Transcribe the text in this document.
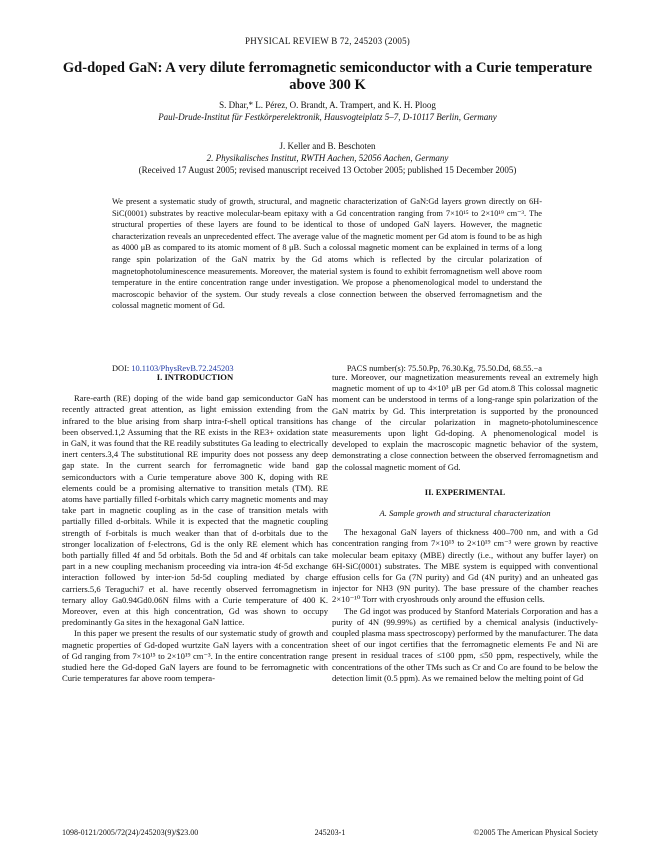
PHYSICAL REVIEW B 72, 245203 (2005)
Gd-doped GaN: A very dilute ferromagnetic semiconductor with a Curie temperature above 300 K
S. Dhar,* L. Pérez, O. Brandt, A. Trampert, and K. H. Ploog
Paul-Drude-Institut für Festkörperelektronik, Hausvogteiplatz 5–7, D-10117 Berlin, Germany
J. Keller and B. Beschoten
2. Physikalisches Institut, RWTH Aachen, 52056 Aachen, Germany
(Received 17 August 2005; revised manuscript received 13 October 2005; published 15 December 2005)
We present a systematic study of growth, structural, and magnetic characterization of GaN:Gd layers grown directly on 6H-SiC(0001) substrates by reactive molecular-beam epitaxy with a Gd concentration ranging from 7×10¹⁵ to 2×10¹⁹ cm⁻³. The structural properties of these layers are found to be identical to those of undoped GaN layers. However, the magnetic characterization reveals an unprecedented effect. The average value of the magnetic moment per Gd atom is found to be as high as 4000 μB as compared to its atomic moment of 8 μB. Such a colossal magnetic moment can be explained in terms of a long range spin polarization of the GaN matrix by the Gd atoms which is reflected by the circular polarization of magnetophotoluminescence measurements. Moreover, the material system is found to exhibit ferromagnetism well above room temperature in the entire concentration range under investigation. We propose a phenomenological model to understand the macroscopic behavior of the system. Our study reveals a close connection between the observed ferromagnetism and the colossal magnetic moment of Gd.
DOI: 10.1103/PhysRevB.72.245203	PACS number(s): 75.50.Pp, 76.30.Kg, 75.50.Dd, 68.55.−a
I. INTRODUCTION

Rare-earth (RE) doping of the wide band gap semiconductor GaN has recently attracted great attention, as light emission extending from the infrared to the blue arising from sharp intra-f-shell optical transitions has been observed.1,2 Assuming that the RE exists in the RE3+ oxidation state in GaN, it was found that the RE readily substitutes Ga leading to electrically inert centers.3,4 The substitutional RE impurity does not possess any deep gap state. In the current search for ferromagnetic wide band gap semiconductors with a Curie temperature above 300 K, doping with RE elements could be a promising alternative to transition metals (TM). RE atoms have partially filled f-orbitals which carry magnetic moments and may take part in magnetic coupling as in the case of transition metals with partially filled d-orbitals. While it is expected that the magnetic coupling strength of f-orbitals is much weaker than that of d-orbitals due to the stronger localization of f-electrons, Gd is the only RE element which has both partially filled 4f and 5d orbitals. Both the 5d and 4f orbitals can take part in a new coupling mechanism proceeding via intra-ion 4f-5d exchange interaction followed by inter-ion 5d-5d coupling mediated by charge carriers.5,6 Teraguchi7 et al. have recently observed ferromagnetism in ternary alloy Ga0.94Gd0.06N films with a Curie temperature of 400 K. Moreover, even at this high concentration, Gd was shown to occupy predominantly Ga sites in the hexagonal GaN lattice.

In this paper we present the results of our systematic study of growth and magnetic properties of Gd-doped wurtzite GaN layers with a concentration of Gd ranging from 7×10¹⁵ to 2×10¹⁹ cm⁻³. In the entire concentration range studied here the Gd-doped GaN layers are found to be ferromagnetic with Curie temperatures far above room tempera-

ture. Moreover, our magnetization measurements reveal an extremely high magnetic moment of up to 4×10³ μB per Gd atom.8 This colossal magnetic moment can be understood in terms of a long-range spin polarization of the GaN matrix by Gd. This interpretation is supported by the pronounced change of the circular polarization in magneto-photoluminescence measurements upon light Gd-doping. A phenomenological model is developed to explain the macroscopic magnetic behavior of the system, demonstrating a close connection between the observed ferromagnetism and the colossal magnetic moment of Gd.

II. EXPERIMENTAL
A. Sample growth and structural characterization

The hexagonal GaN layers of thickness 400–700 nm, and with a Gd concentration ranging from 7×10¹⁵ to 2×10¹⁹ cm⁻³ were grown by reactive molecular beam epitaxy (MBE) directly (i.e., without any buffer layer) on 6H-SiC(0001) substrates. The MBE system is equipped with conventional effusion cells for Ga (7N purity) and Gd (4N purity) and an unheated gas injector for NH3 (9N purity). The base pressure of the chamber reaches 2×10⁻¹⁰ Torr with cryoshrouds only around the effusion cells.

The Gd ingot was produced by Stanford Materials Corporation and has a purity of 4N (99.99%) as certified by a chemical analysis (inductively-coupled plasma mass spectroscopy) performed by the manufacturer. The data sheet of our ingot certifies that the ferromagnetic elements Fe and Ni are present in residual traces of ≤100 ppm, ≤50 ppm, respectively, while the concentrations of the other TMs such as Cr and Co are found to be below the detection limit (0.5 ppm). As we remained below the melting point of Gd

1098-0121/2005/72(24)/245203(9)/$23.00	245203-1	©2005 The American Physical Society
